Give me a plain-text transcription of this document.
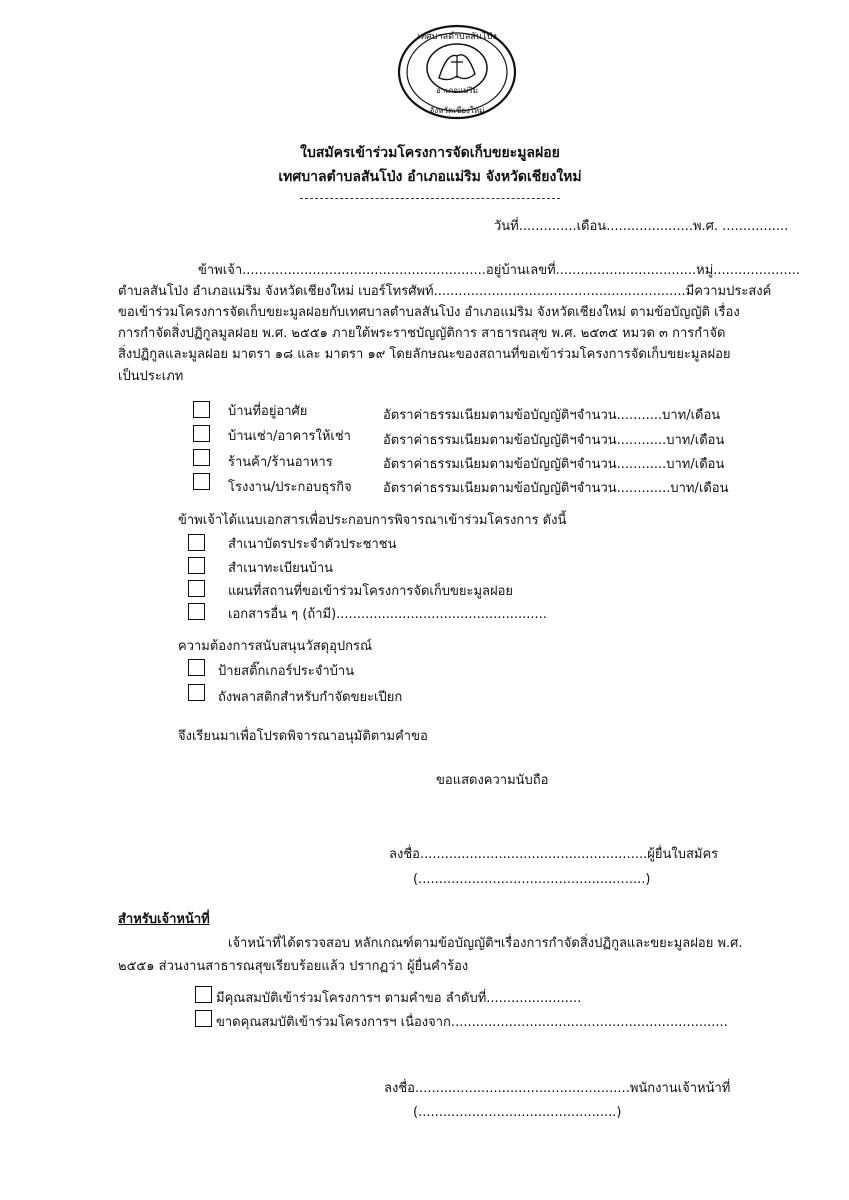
เทศบาลตำบลสันโป่ง
อำเภอแม่ริม
จังหวัดเชียงใหม่
ใบสมัครเข้าร่วมโครงการจัดเก็บขยะมูลฝอย
เทศบาลตำบลสันโป่ง อำเภอแม่ริม จังหวัดเชียงใหม่
วันที่..............เดือน.....................พ.ศ. ................
ข้าพเจ้า...........................................................อยู่บ้านเลขที่..................................หมู่.....................
ตำบลสันโป่ง อำเภอแม่ริม จังหวัดเชียงใหม่ เบอร์โทรศัพท์.............................................................มีความประสงค์
ขอเข้าร่วมโครงการจัดเก็บขยะมูลฝอยกับเทศบาลตำบลสันโป่ง อำเภอแม่ริม จังหวัดเชียงใหม่ ตามข้อบัญญัติ เรื่อง
การกำจัดสิ่งปฏิกูลมูลฝอย พ.ศ. ๒๕๕๑ ภายใต้พระราชบัญญัติการ สาธารณสุข พ.ศ. ๒๕๓๕ หมวด ๓ การกำจัด
สิ่งปฏิกูลและมูลฝอย มาตรา ๑๘ และ มาตรา ๑๙ โดยลักษณะของสถานที่ขอเข้าร่วมโครงการจัดเก็บขยะมูลฝอย
เป็นประเภท
บ้านที่อยู่อาศัย	อัตราค่าธรรมเนียมตามข้อบัญญัติฯจำนวน...........บาท/เดือน
บ้านเช่า/อาคารให้เช่า อัตราค่าธรรมเนียมตามข้อบัญญัติฯจำนวน............บาท/เดือน
ร้านค้า/ร้านอาหาร	อัตราค่าธรรมเนียมตามข้อบัญญัติฯจำนวน............บาท/เดือน
โรงงาน/ประกอบธุรกิจ อัตราค่าธรรมเนียมตามข้อบัญญัติฯจำนวน.............บาท/เดือน
ข้าพเจ้าได้แนบเอกสารเพื่อประกอบการพิจารณาเข้าร่วมโครงการ ดังนี้
สำเนาบัตรประจำตัวประชาชน
สำเนาทะเบียนบ้าน
แผนที่สถานที่ขอเข้าร่วมโครงการจัดเก็บขยะมูลฝอย
เอกสารอื่น ๆ (ถ้ามี)...................................................
ความต้องการสนับสนุนวัสดุอุปกรณ์
ป้ายสติ๊กเกอร์ประจำบ้าน
ถังพลาสติกสำหรับกำจัดขยะเปียก
จึงเรียนมาเพื่อโปรดพิจารณาอนุมัติตามคำขอ
ขอแสดงความนับถือ
ลงชื่อ.......................................................ผู้ยื่นใบสมัคร
(.......................................................)
สำหรับเจ้าหน้าที่
เจ้าหน้าที่ได้ตรวจสอบ หลักเกณฑ์ตามข้อบัญญัติฯเรื่องการกำจัดสิ่งปฏิกูลและขยะมูลฝอย พ.ศ.
๒๕๕๑ ส่วนงานสาธารณสุขเรียบร้อยแล้ว ปรากฏว่า ผู้ยื่นคำร้อง
มีคุณสมบัติเข้าร่วมโครงการฯ ตามคำขอ ลำดับที่.......................
ขาดคุณสมบัติเข้าร่วมโครงการฯ เนื่องจาก...................................................................
ลงชื่อ....................................................พนักงานเจ้าหน้าที่
(................................................)
